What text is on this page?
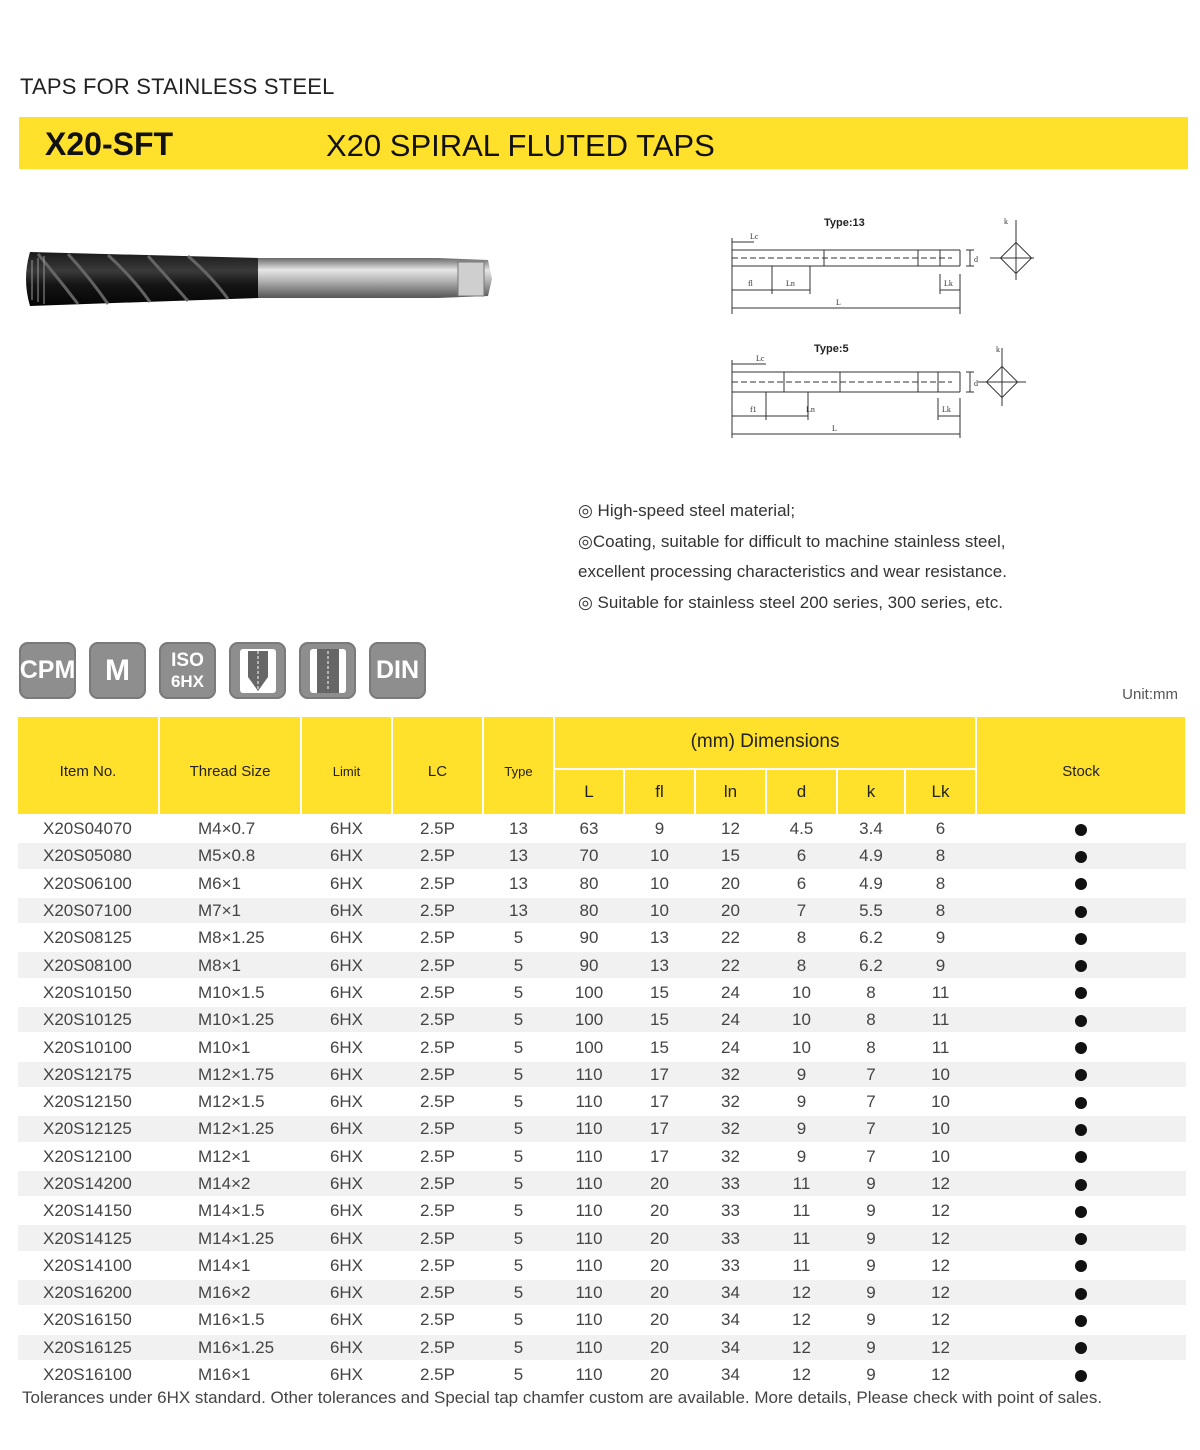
TAPS FOR STAINLESS STEEL
X20-SFT	X20 SPIRAL FLUTED TAPS
Type:13
Lc
fl	Ln
L
Lk
d
k
Type:5
Lc
f1	Ln
L
Lk
d
k
◎ High-speed steel material;
◎Coating, suitable for difficult to machine stainless steel,
excellent processing characteristics and wear resistance.
◎ Suitable for stainless steel 200 series, 300 series, etc.
CPM M	ISO
6HX	DIN
Unit:mm
Item No.	Thread Size	Limit	LC	Type	(mm) Dimensions						Stock
					L	fl	ln	d	k	Lk	
X20S04070	M4×0.7	6HX	2.5P	13	63	9	12	4.5	3.4	6	
X20S05080	M5×0.8	6HX	2.5P	13	70	10	15	6	4.9	8	
X20S06100	M6×1	6HX	2.5P	13	80	10	20	6	4.9	8	
X20S07100	M7×1	6HX	2.5P	13	80	10	20	7	5.5	8	
X20S08125	M8×1.25	6HX	2.5P	5	90	13	22	8	6.2	9	
X20S08100	M8×1	6HX	2.5P	5	90	13	22	8	6.2	9	
X20S10150	M10×1.5	6HX	2.5P	5	100	15	24	10	8	11	
X20S10125	M10×1.25	6HX	2.5P	5	100	15	24	10	8	11	
X20S10100	M10×1	6HX	2.5P	5	100	15	24	10	8	11	
X20S12175	M12×1.75	6HX	2.5P	5	110	17	32	9	7	10	
X20S12150	M12×1.5	6HX	2.5P	5	110	17	32	9	7	10	
X20S12125	M12×1.25	6HX	2.5P	5	110	17	32	9	7	10	
X20S12100	M12×1	6HX	2.5P	5	110	17	32	9	7	10	
X20S14200	M14×2	6HX	2.5P	5	110	20	33	11	9	12	
X20S14150	M14×1.5	6HX	2.5P	5	110	20	33	11	9	12	
X20S14125	M14×1.25	6HX	2.5P	5	110	20	33	11	9	12	
X20S14100	M14×1	6HX	2.5P	5	110	20	33	11	9	12	
X20S16200	M16×2	6HX	2.5P	5	110	20	34	12	9	12	
X20S16150	M16×1.5	6HX	2.5P	5	110	20	34	12	9	12	
X20S16125	M16×1.25	6HX	2.5P	5	110	20	34	12	9	12	
X20S16100	M16×1	6HX	2.5P	5	110	20	34	12	9	12	
Tolerances under 6HX standard. Other tolerances and Special tap chamfer custom are available. More details, Please check with point of sales.
